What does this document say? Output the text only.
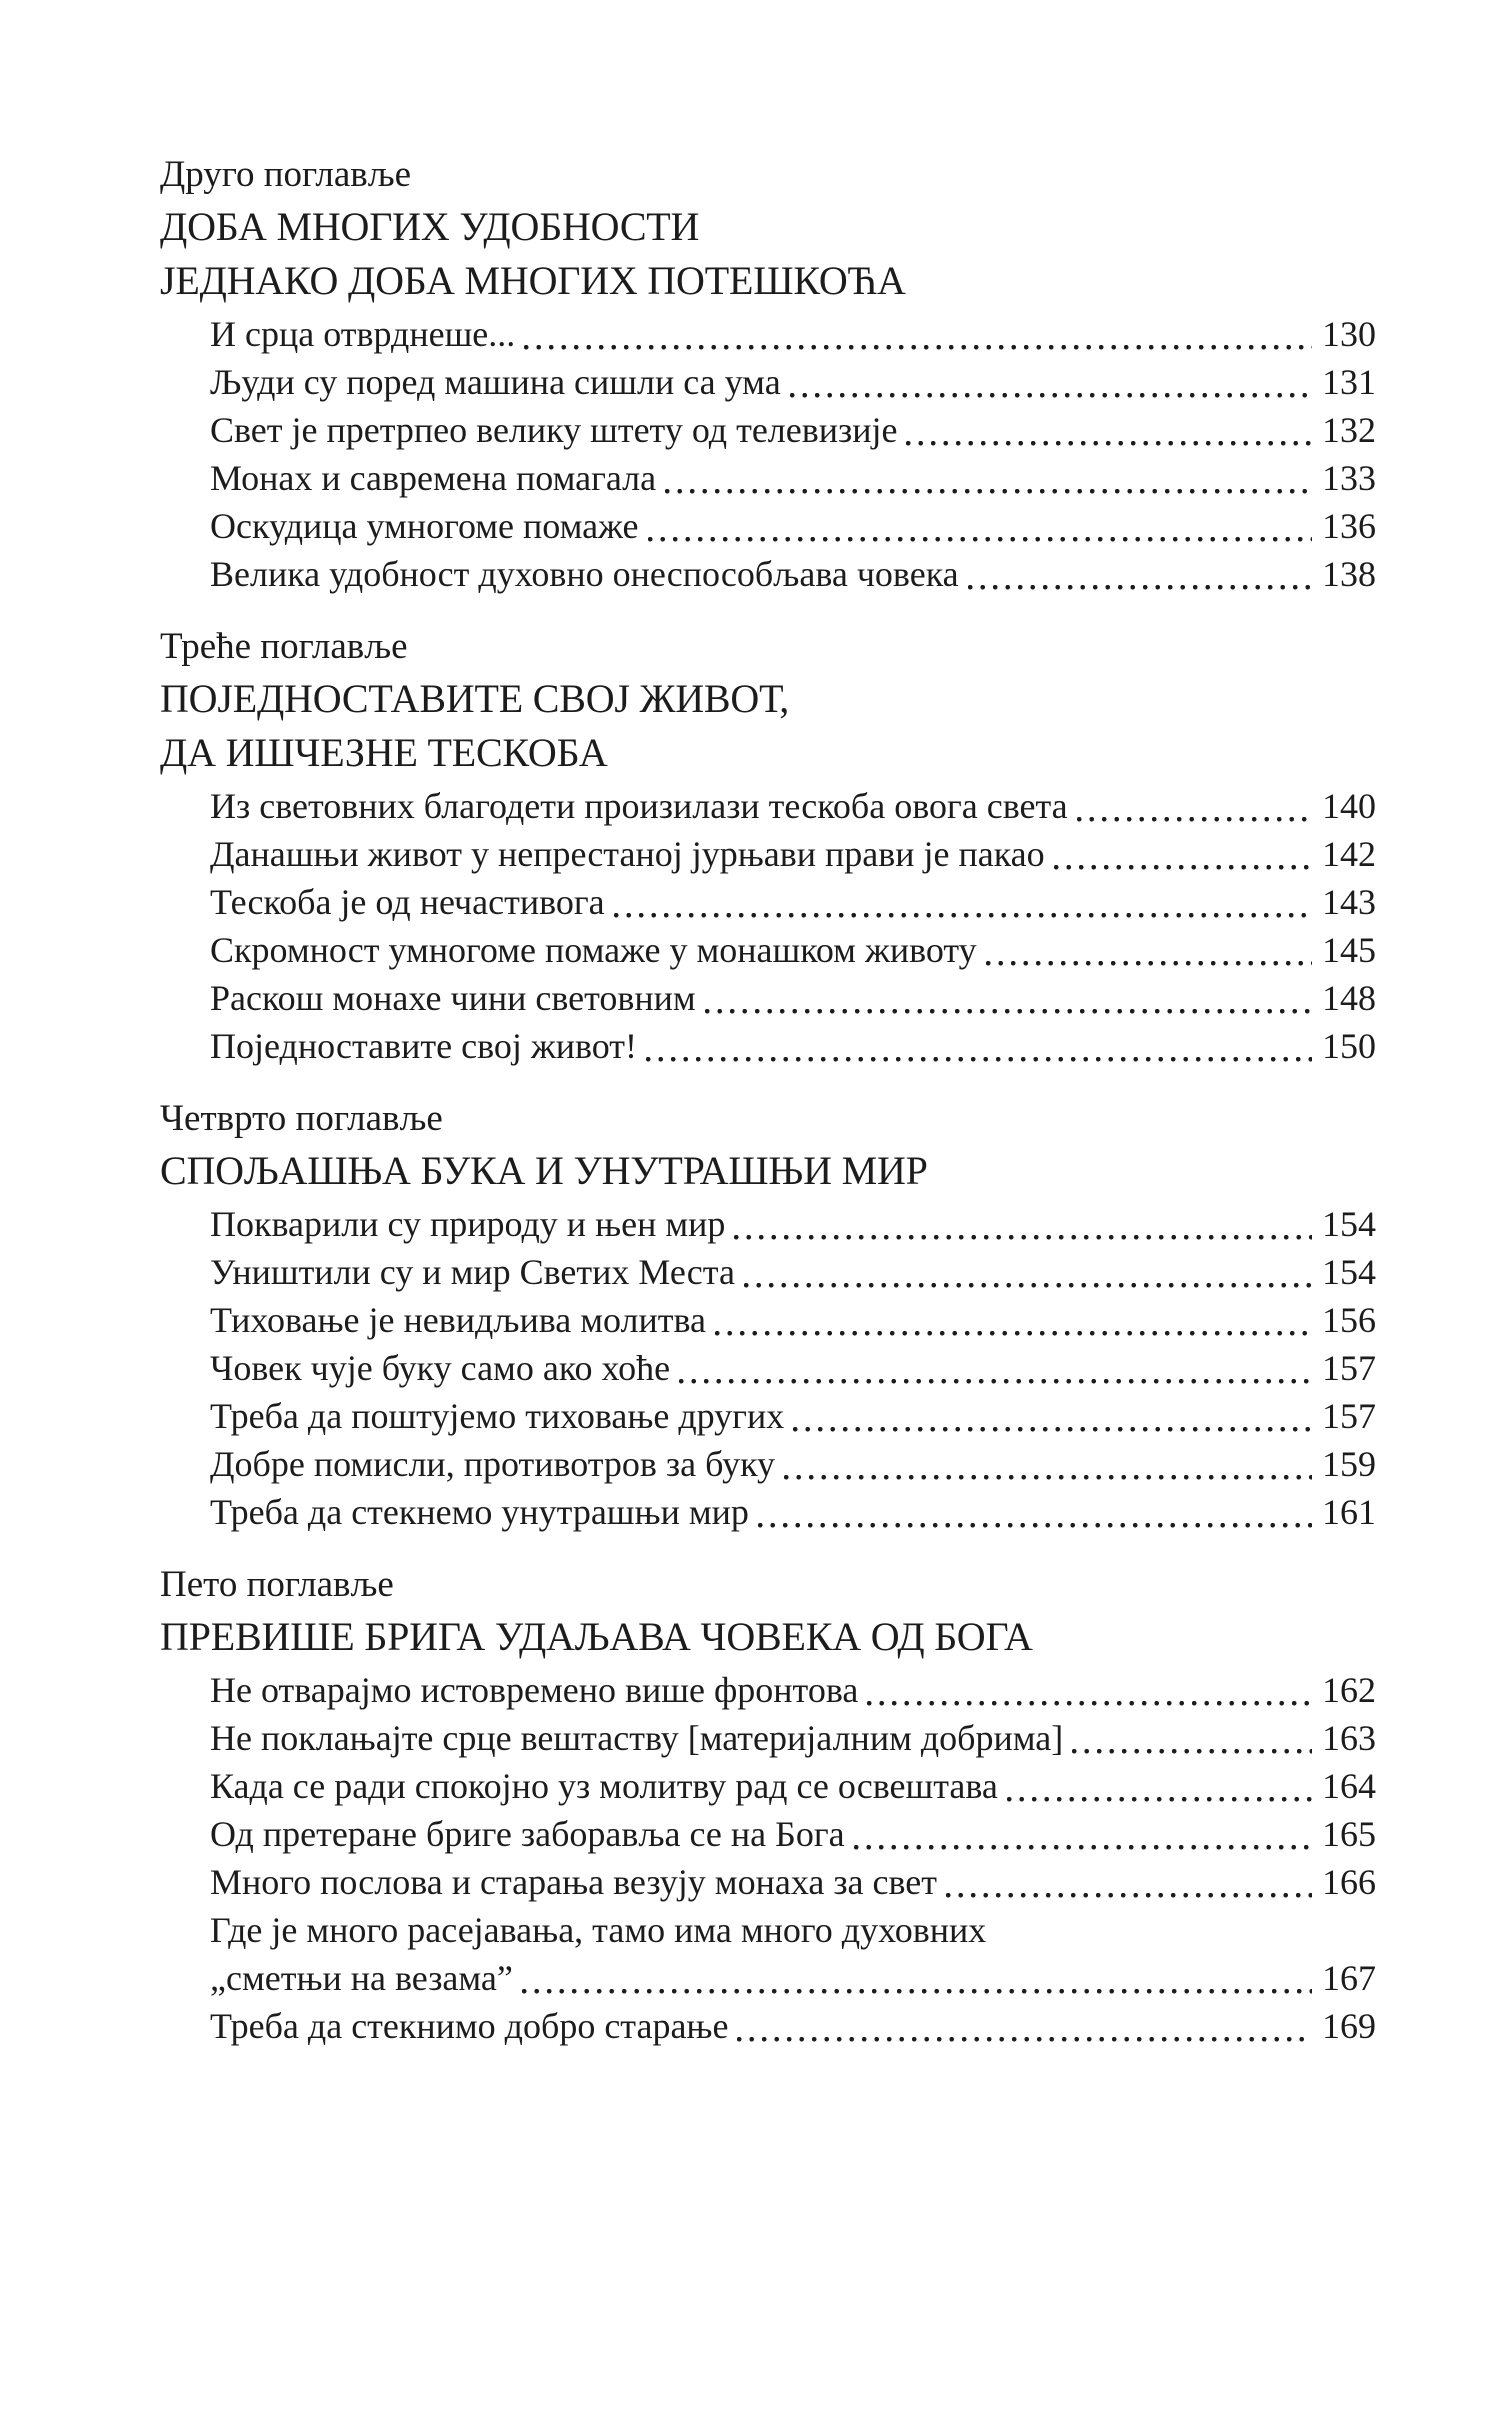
Друго поглавље
ДОБА МНОГИХ УДОБНОСТИ
ЈЕДНАКО ДОБА МНОГИХ ПОТЕШКОЋА
И срца отврднеше...	130
Људи су поред машина сишли са ума	131
Свет је претрпео велику штету од телевизије	132
Монах и савремена помагала	133
Оскудица умногоме помаже	136
Велика удобност духовно онеспособљава човека	138
Треће поглавље
ПОЈЕДНОСТАВИТЕ СВОЈ ЖИВОТ,
ДА ИШЧЕЗНЕ ТЕСКОБА
Из световних благодети произилази тескоба овога света	140
Данашњи живот у непрестаној јурњави прави је пакао	142
Тескоба је од нечастивога	143
Скромност умногоме помаже у монашком животу	145
Раскош монахе чини световним	148
Поједноставите свој живот!	150
Четврто поглавље
СПОЉАШЊА БУКА И УНУТРАШЊИ МИР
Покварили су природу и њен мир	154
Уништили су и мир Светих Места	154
Тиховање је невидљива молитва	156
Човек чује буку само ако хоће	157
Треба да поштујемо тиховање других	157
Добре помисли, противотров за буку	159
Треба да стекнемо унутрашњи мир	161
Пето поглавље
ПРЕВИШЕ БРИГА УДАЉАВА ЧОВЕКА ОД БОГА
Не отварајмо истовремено више фронтова	162
Не поклањајте срце вештаству [материјалним добрима]	163
Када се ради спокојно уз молитву рад се освештава	164
Од претеране бриге заборавља се на Бога	165
Много послова и старања везују монаха за свет	166
Где је много расејавања, тамо има много духовних
„сметњи на везама”	167
Треба да стекнимо добро старање	169
